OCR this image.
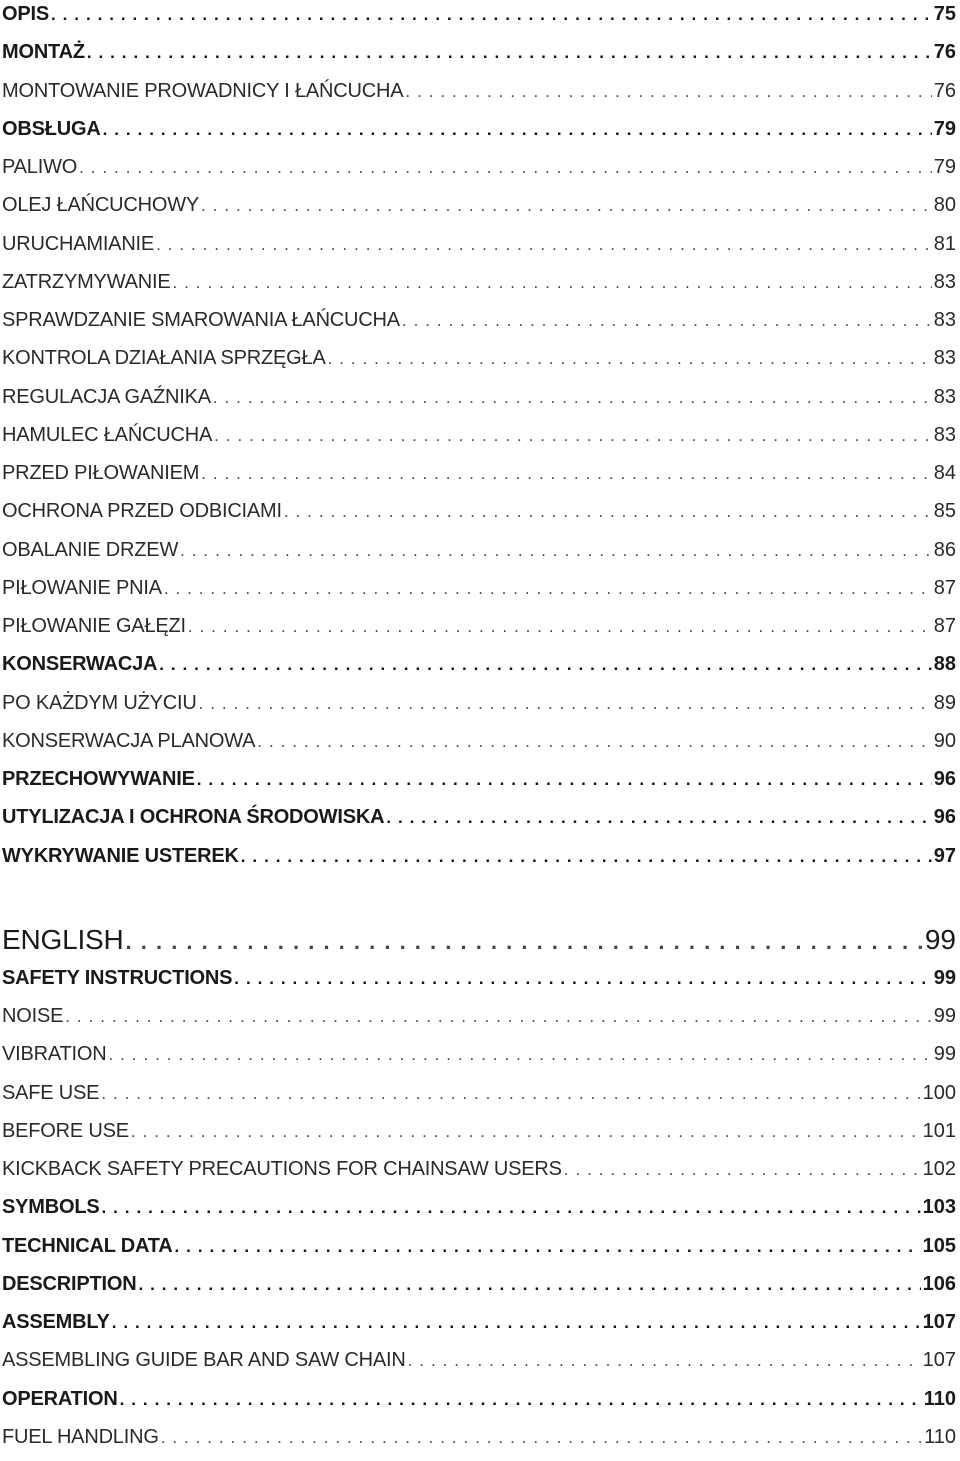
OPIS . . .	75
MONTAŻ . . .	76
MONTOWANIE PROWADNICY I ŁAŃCUCHA . . .	76
OBSŁUGA . . .	79
PALIWO . . .	79
OLEJ ŁAŃCUCHOWY . . .	80
URUCHAMIANIE . . .	81
ZATRZYMYWANIE . . .	83
SPRAWDZANIE SMAROWANIA ŁAŃCUCHA . . .	83
KONTROLA DZIAŁANIA SPRZĘGŁA . . .	83
REGULACJA GAŹNIKA . . .	83
HAMULEC ŁAŃCUCHA . . .	83
PRZED PIŁOWANIEM . . .	84
OCHRONA PRZED ODBICIAMI . . .	85
OBALANIE DRZEW . . .	86
PIŁOWANIE PNIA . . .	87
PIŁOWANIE GAŁĘZI . . .	87
KONSERWACJA . . .	88
PO KAŻDYM UŻYCIU . . .	89
KONSERWACJA PLANOWA . . .	90
PRZECHOWYWANIE . . .	96
UTYLIZACJA I OCHRONA ŚRODOWISKA . . .	96
WYKRYWANIE USTEREK . . .	97
ENGLISH . . .	99
SAFETY INSTRUCTIONS . . .	99
NOISE . . .	99
VIBRATION . . .	99
SAFE USE . . .	100
BEFORE USE . . .	101
KICKBACK SAFETY PRECAUTIONS FOR CHAINSAW USERS . . .	102
SYMBOLS . . .	103
TECHNICAL DATA . . .	105
DESCRIPTION . . .	106
ASSEMBLY . . .	107
ASSEMBLING GUIDE BAR AND SAW CHAIN . . .	107
OPERATION . . .	110
FUEL HANDLING . . .	110
